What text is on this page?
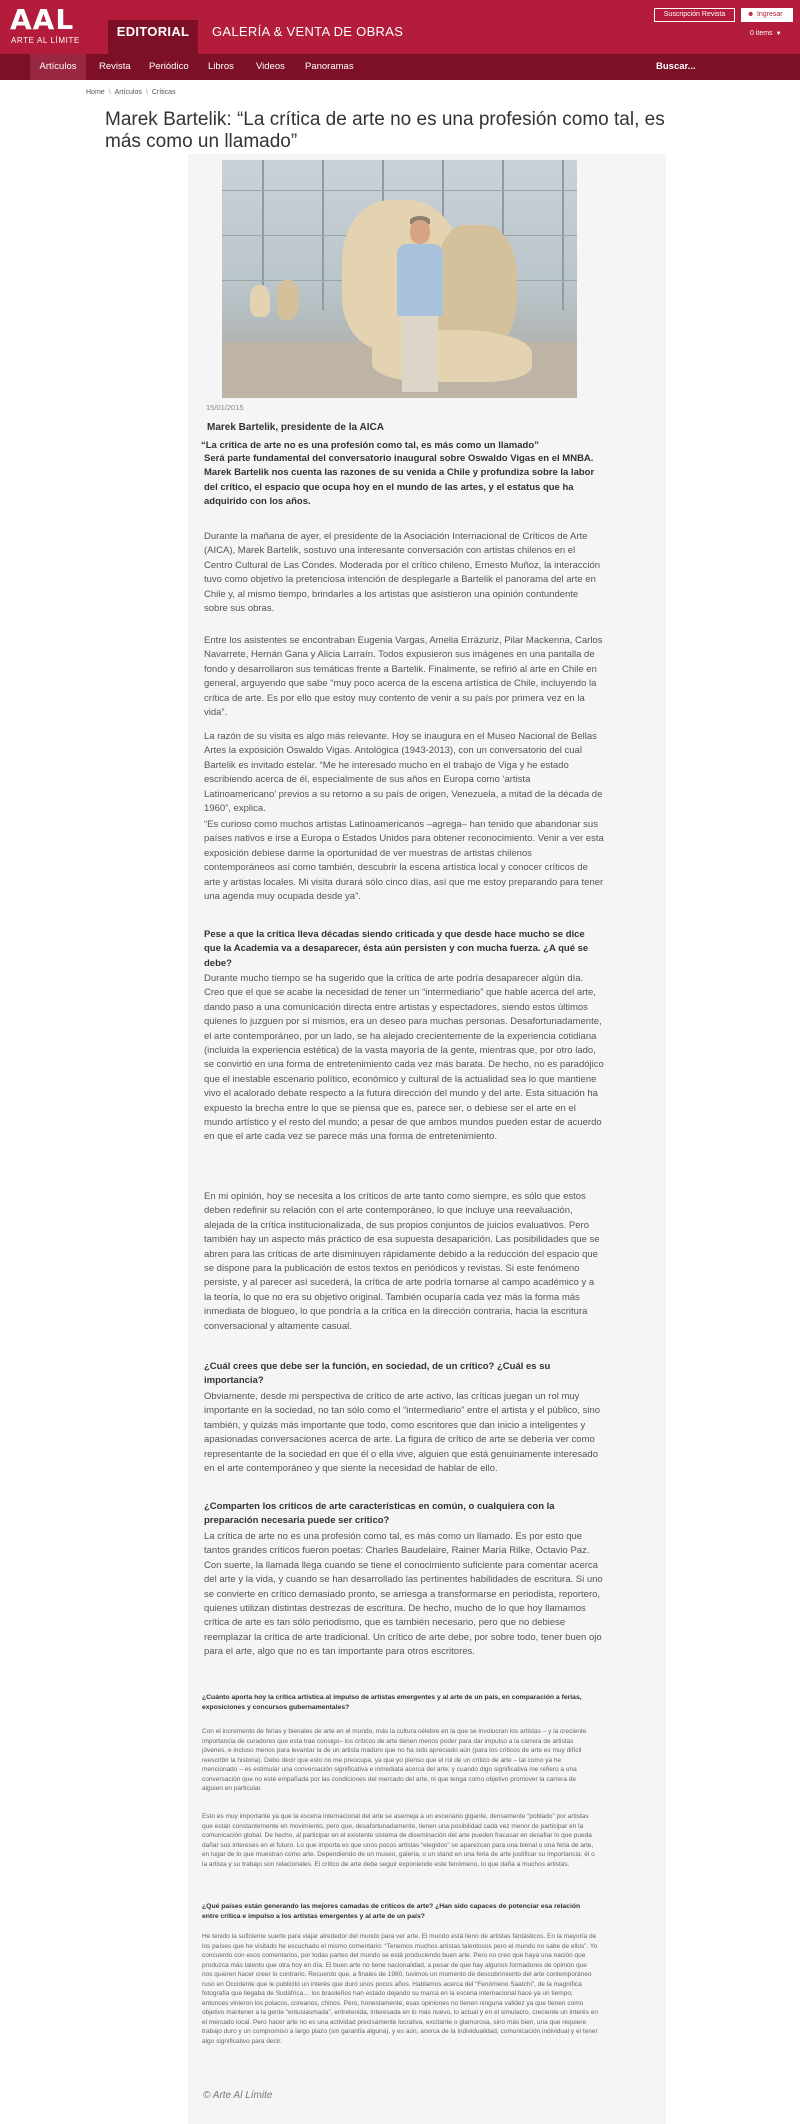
AAL
ARTE AL LÍMITE
EDITORIAL	GALERÍA & VENTA DE OBRAS
Suscripción Revista	☻ Ingresar
0 items ▼
Artículos	Revista Periódico Libros Videos Panoramas	Buscar...
Home \ Artículos \ Críticas
Marek Bartelik: “La crítica de arte no es una profesión como tal, es más como un llamado”
15/01/2015
Marek Bartelik, presidente de la AICA
“La crítica de arte no es una profesión como tal, es más como un llamado”
Será parte fundamental del conversatorio inaugural sobre Oswaldo Vigas en el MNBA. Marek Bartelik nos cuenta las razones de su venida a Chile y profundiza sobre la labor del crítico, el espacio que ocupa hoy en el mundo de las artes, y el estatus que ha adquirido con los años.
Durante la mañana de ayer, el presidente de la Asociación Internacional de Críticos de Arte (AICA), Marek Bartelik, sostuvo una interesante conversación con artistas chilenos en el Centro Cultural de Las Condes. Moderada por el crítico chileno, Ernesto Muñoz, la interacción tuvo como objetivo la pretenciosa intención de desplegarle a Bartelik el panorama del arte en Chile y, al mismo tiempo, brindarles a los artistas que asistieron una opinión contundente sobre sus obras.
Entre los asistentes se encontraban Eugenia Vargas, Amelia Errázuriz, Pilar Mackenna, Carlos Navarrete, Hernán Gana y Alicia Larraín. Todos expusieron sus imágenes en una pantalla de fondo y desarrollaron sus temáticas frente a Bartelik. Finalmente, se refirió al arte en Chile en general, arguyendo que sabe “muy poco acerca de la escena artística de Chile, incluyendo la crítica de arte. Es por ello que estoy muy contento de venir a su país por primera vez en la vida”.
La razón de su visita es algo más relevante. Hoy se inaugura en el Museo Nacional de Bellas Artes la exposición Oswaldo Vigas. Antológica (1943-2013), con un conversatorio del cual Bartelik es invitado estelar. “Me he interesado mucho en el trabajo de Viga y he estado escribiendo acerca de él, especialmente de sus años en Europa como ‘artista Latinoamericano’ previos a su retorno a su país de origen, Venezuela, a mitad de la década de 1960”, explica.
“Es curioso como muchos artistas Latinoamericanos –agrega– han tenido que abandonar sus países nativos e irse a Europa o Estados Unidos para obtener reconocimiento. Venir a ver esta exposición debiese darme la oportunidad de ver muestras de artistas chilenos contemporáneos así como también, descubrir la escena artística local y conocer críticos de arte y artistas locales. Mi visita durará sólo cinco días, así que me estoy preparando para tener una agenda muy ocupada desde ya”.
Pese a que la crítica lleva décadas siendo criticada y que desde hace mucho se dice que la Academia va a desaparecer, ésta aún persisten y con mucha fuerza. ¿A qué se debe?
Durante mucho tiempo se ha sugerido que la crítica de arte podría desaparecer algún día. Creo que el que se acabe la necesidad de tener un “intermediario” que hable acerca del arte, dando paso a una comunicación directa entre artistas y espectadores, siendo estos últimos quienes lo juzguen por sí mismos, era un deseo para muchas personas. Desafortunadamente, el arte contemporáneo, por un lado, se ha alejado crecientemente de la experiencia cotidiana (incluida la experiencia estética) de la vasta mayoría de la gente, mientras que, por otro lado, se convirtió en una forma de entretenimiento cada vez más barata. De hecho, no es paradójico que el inestable escenario político, económico y cultural de la actualidad sea lo que mantiene vivo el acalorado debate respecto a la futura dirección del mundo y del arte. Esta situación ha expuesto la brecha entre lo que se piensa que es, parece ser, o debiese ser el arte en el mundo artístico y el resto del mundo; a pesar de que ambos mundos pueden estar de acuerdo en que el arte cada vez se parece más una forma de entretenimiento.
En mi opinión, hoy se necesita a los críticos de arte tanto como siempre, es sólo que estos deben redefinir su relación con el arte contemporáneo, lo que incluye una reevaluación, alejada de la crítica institucionalizada, de sus propios conjuntos de juicios evaluativos. Pero también hay un aspecto más práctico de esa supuesta desaparición. Las posibilidades que se abren para las críticas de arte disminuyen rápidamente debido a la reducción del espacio que se dispone para la publicación de estos textos en periódicos y revistas. Si este fenómeno persiste, y al parecer así sucederá, la crítica de arte podría tornarse al campo académico y a la teoría, lo que no era su objetivo original. También ocuparía cada vez más la forma más inmediata de blogueo, lo que pondría a la crítica en la dirección contraria, hacia la escritura conversacional y altamente casual.
¿Cuál crees que debe ser la función, en sociedad, de un crítico? ¿Cuál es su importancia?
Obviamente, desde mi perspectiva de crítico de arte activo, las críticas juegan un rol muy importante en la sociedad, no tan sólo como el “intermediario” entre el artista y el público, sino también, y quizás más importante que todo, como escritores que dan inicio a inteligentes y apasionadas conversaciones acerca de arte. La figura de crítico de arte se debería ver como representante de la sociedad en que él o ella vive, alguien que está genuinamente interesado en el arte contemporáneo y que siente la necesidad de hablar de ello.
¿Comparten los críticos de arte características en común, o cualquiera con la preparación necesaria puede ser crítico?
La crítica de arte no es una profesión como tal, es más como un llamado. Es por esto que tantos grandes críticos fueron poetas: Charles Baudelaire, Rainer María Rilke, Octavio Paz. Con suerte, la llamada llega cuando se tiene el conocimiento suficiente para comentar acerca del arte y la vida, y cuando se han desarrollado las pertinentes habilidades de escritura. Si uno se convierte en crítico demasiado pronto, se arriesga a transformarse en periodista, reportero, quienes utilizan distintas destrezas de escritura. De hecho, mucho de lo que hoy llamamos crítica de arte es tan sólo periodismo, que es también necesario, pero que no debiese reemplazar la crítica de arte tradicional. Un crítico de arte debe, por sobre todo, tener buen ojo para el arte, algo que no es tan importante para otros escritores.
¿Cuánto aporta hoy la crítica artística al impulso de artistas emergentes y al arte de un país, en comparación a ferias, exposiciones y concursos gubernamentales?
Con el incremento de ferias y bienales de arte en el mundo, más la cultura célebre en la que se involucran los artistas – y la creciente importancia de curadores que esta trae consigo– los críticos de arte tienen menos poder para dar impulso a la carrera de artistas jóvenes, e incluso menos para levantar la de un artista maduro que no ha sido apreciado aún (para los críticos de arte es muy difícil reescribir la historia). Debo decir que esto no me preocupa, ya que yo pienso que el rol de un crítico de arte – tal como ya he mencionado – es estimular una conversación significativa e inmediata acerca del arte; y cuando digo significativa me refiero a una conversación que no esté empañada por las condiciones del mercado del arte, ni que tenga como objetivo promover la carrera de alguien en particular.
Esto es muy importante ya que la escena internacional del arte se asemeja a un escenario gigante, densamente “poblado” por artistas que están constantemente en movimiento, pero que, desafortunadamente, tienen una posibilidad cada vez menor de participar en la comunicación global. De hecho, al participar en el existente sistema de diseminación del arte pueden fracasar en desafiar lo que pueda dañar sus intereses en el futuro. Lo que importa es que unos pocos artistas “elegidos” se aparezcan para una bienal o una feria de arte, en lugar de lo que muestran como arte. Dependiendo de un museo, galería, o un stand en una feria de arte justificar su importancia; él o la artista y su trabajo son relacionales. El crítico de arte debe seguir exponiendo este fenómeno, lo que daña a muchos artistas.
¿Qué países están generando las mejores camadas de críticos de arte? ¿Han sido capaces de potenciar esa relación entre crítica e impulso a los artistas emergentes y al arte de un país?
He tenido la suficiente suerte para viajar alrededor del mundo para ver arte. El mundo está lleno de artistas fantásticos. En la mayoría de los países que he visitado he escuchado el mismo comentario: “Tenemos muchos artistas talentosos pero el mundo no sabe de ellos”. Yo concuerdo con esos comentarios, por todas partes del mundo se está produciendo buen arte. Pero no creo que haya una nación que produzca más talento que otra hoy en día. El buen arte no tiene nacionalidad, a pesar de que hay algunos formadores de opinión que nos quieren hacer creer lo contrario. Recuerdo que, a finales de 1980, tuvimos un momento de descubrimiento del arte contemporáneo ruso en Occidente que le publicitó un interés que duró unos pocos años. Hablamos acerca del “Fenómeno Saatchi”, de la magnífica fotografía que llegaba de Sudáfrica… los brasileños han estado dejando su marca en la escena internacional hace ya un tiempo; entonces vinieron los polacos, coreanos, chinos. Pero, honestamente, esas opiniones no tienen ninguna validez ya que tienen como objetivo mantener a la gente “entusiasmada”, entretenida, interesada en lo más nuevo, lo actual y en el simulacro, creciente un interés en el mercado local. Pero hacer arte no es una actividad precisamente lucrativa, excitante o glamurosa, sino más bien, una que requiere trabajo duro y un compromiso a largo plazo (sin garantía alguna), y es aún, acerca de la individualidad, comunicación individual y el tener algo significativo para decir.
© Arte Al Límite
